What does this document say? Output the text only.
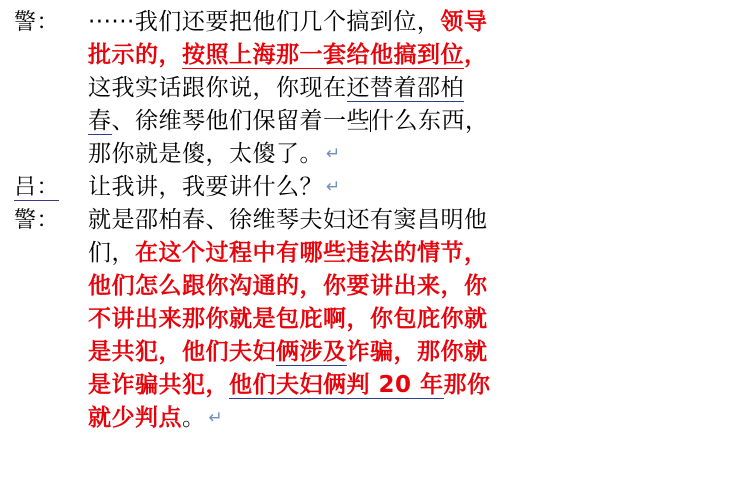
警：	······我们还要把他们几个搞到位，领导
批示的，按照上海那一套给他搞到位，
这我实话跟你说，你现在还替着邵柏
春、徐维琴他们保留着一些什么东西，
那你就是傻，太傻了。 ↵
吕：	让我讲，我要讲什么？ ↵
警：	就是邵柏春、徐维琴夫妇还有窦昌明他
们，在这个过程中有哪些违法的情节，
他们怎么跟你沟通的，你要讲出来，你
不讲出来那你就是包庇啊，你包庇你就
是共犯，他们夫妇俩涉及诈骗，那你就
是诈骗共犯，他们夫妇俩判 20 年那你
就少判点。 ↵
